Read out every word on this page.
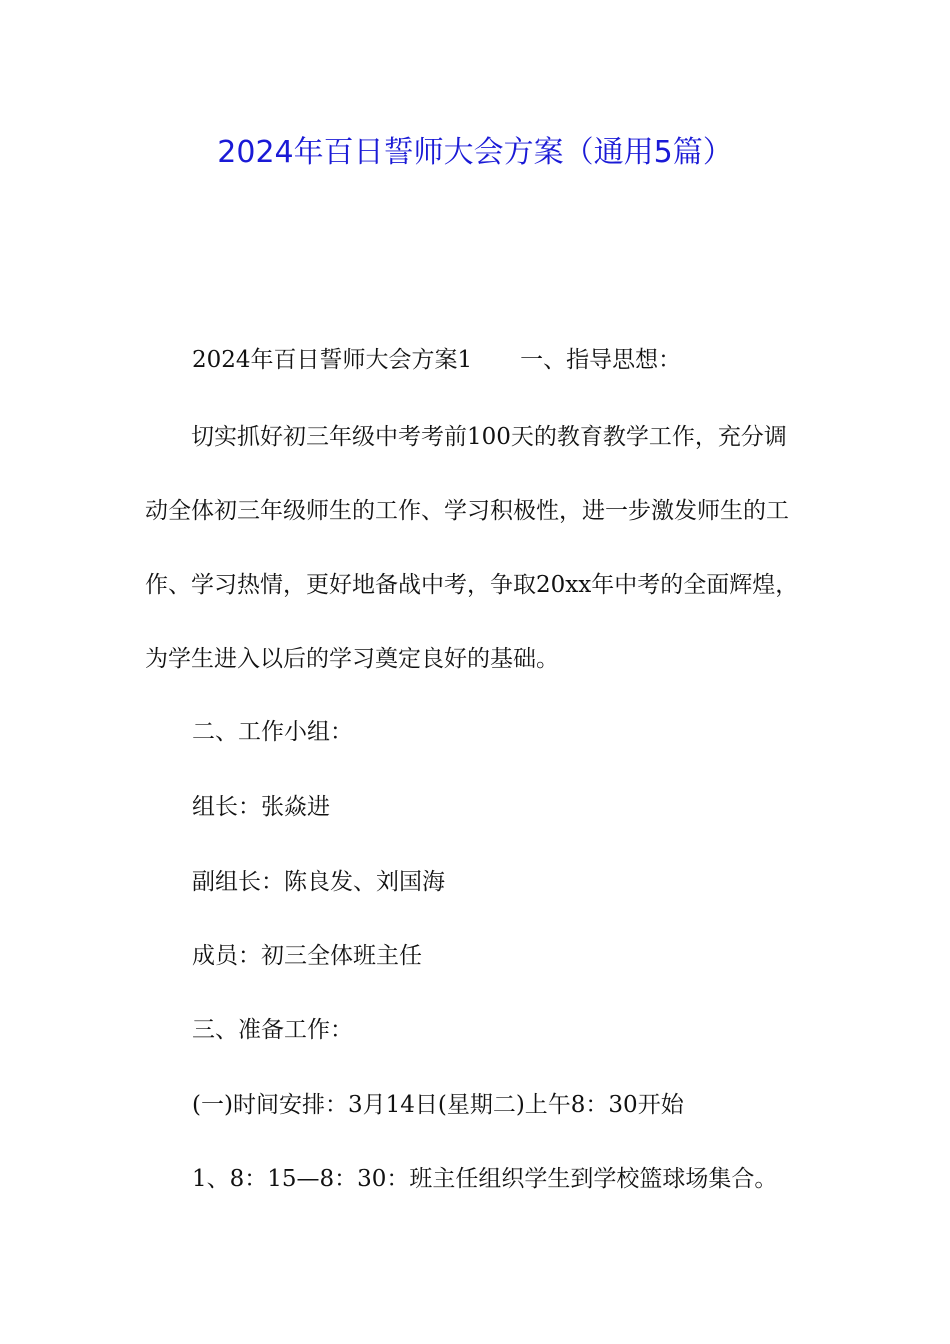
2024年百日誓师大会方案（通用5篇）

2024年百日誓师大会方案1 一、指导思想：

切实抓好初三年级中考考前100天的教育教学工作，充分调动全体初三年级师生的工作、学习积极性，进一步激发师生的工作、学习热情，更好地备战中考，争取20xx年中考的全面辉煌，为学生进入以后的学习奠定良好的基础。

二、工作小组：

组长：张焱进

副组长：陈良发、刘国海

成员：初三全体班主任

三、准备工作：

(一)时间安排：3月14日(星期二)上午8：30开始

1、8：15—8：30：班主任组织学生到学校篮球场集合。
